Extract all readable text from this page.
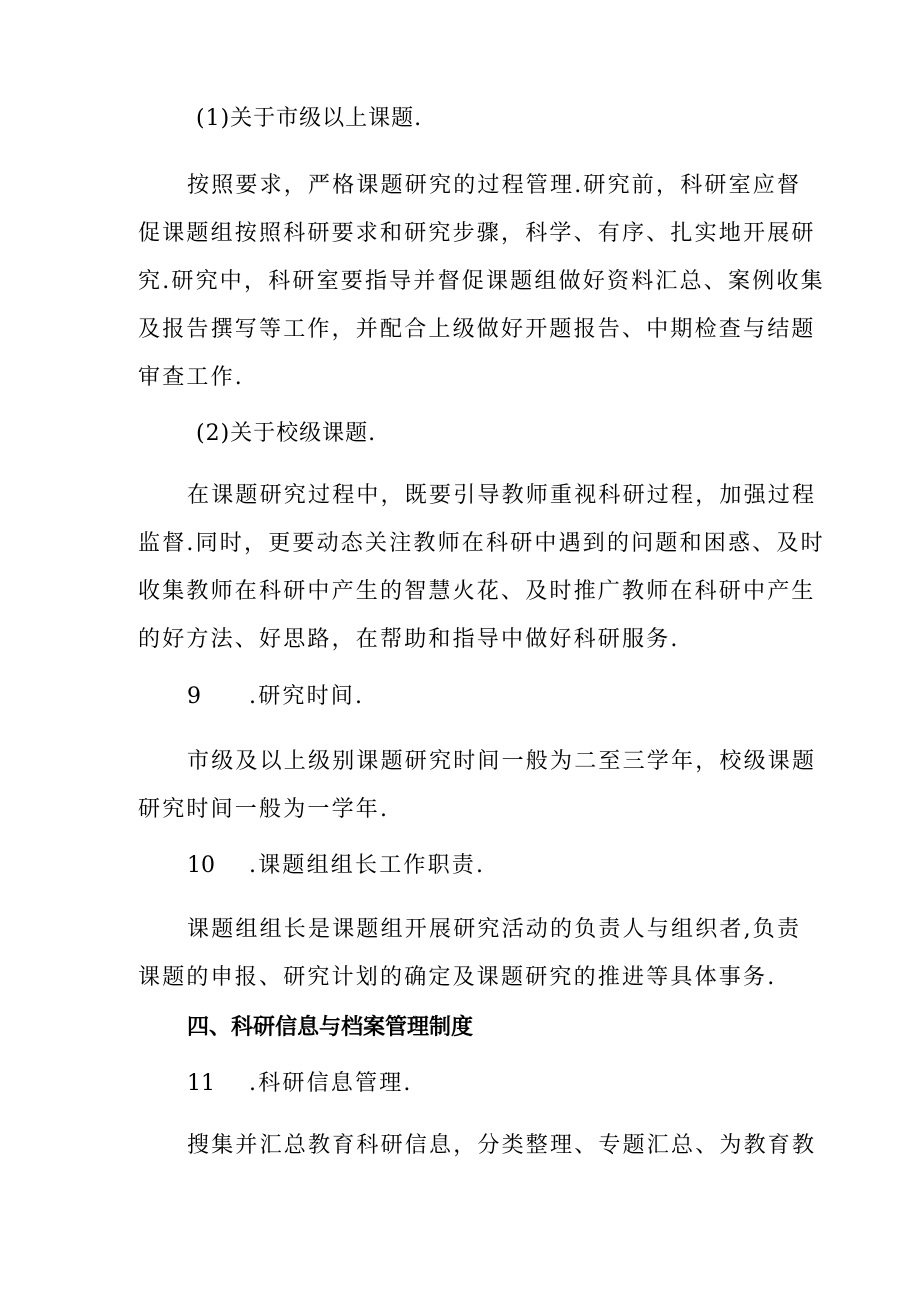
(1)关于市级以上课题.
按照要求，严格课题研究的过程管理.研究前，科研室应督
促课题组按照科研要求和研究步骤，科学、有序、扎实地开展研
究.研究中，科研室要指导并督促课题组做好资料汇总、案例收集
及报告撰写等工作，并配合上级做好开题报告、中期检查与结题
审查工作.
(2)关于校级课题.
在课题研究过程中，既要引导教师重视科研过程，加强过程
监督.同时，更要动态关注教师在科研中遇到的问题和困惑、及时
收集教师在科研中产生的智慧火花、及时推广教师在科研中产生
的好方法、好思路，在帮助和指导中做好科研服务.
9 .研究时间.
市级及以上级别课题研究时间一般为二至三学年，校级课题
研究时间一般为一学年.
10 .课题组组长工作职责.
课题组组长是课题组开展研究活动的负责人与组织者,负责
课题的申报、研究计划的确定及课题研究的推进等具体事务.
四、科研信息与档案管理制度
11 .科研信息管理.
搜集并汇总教育科研信息，分类整理、专题汇总、为教育教
